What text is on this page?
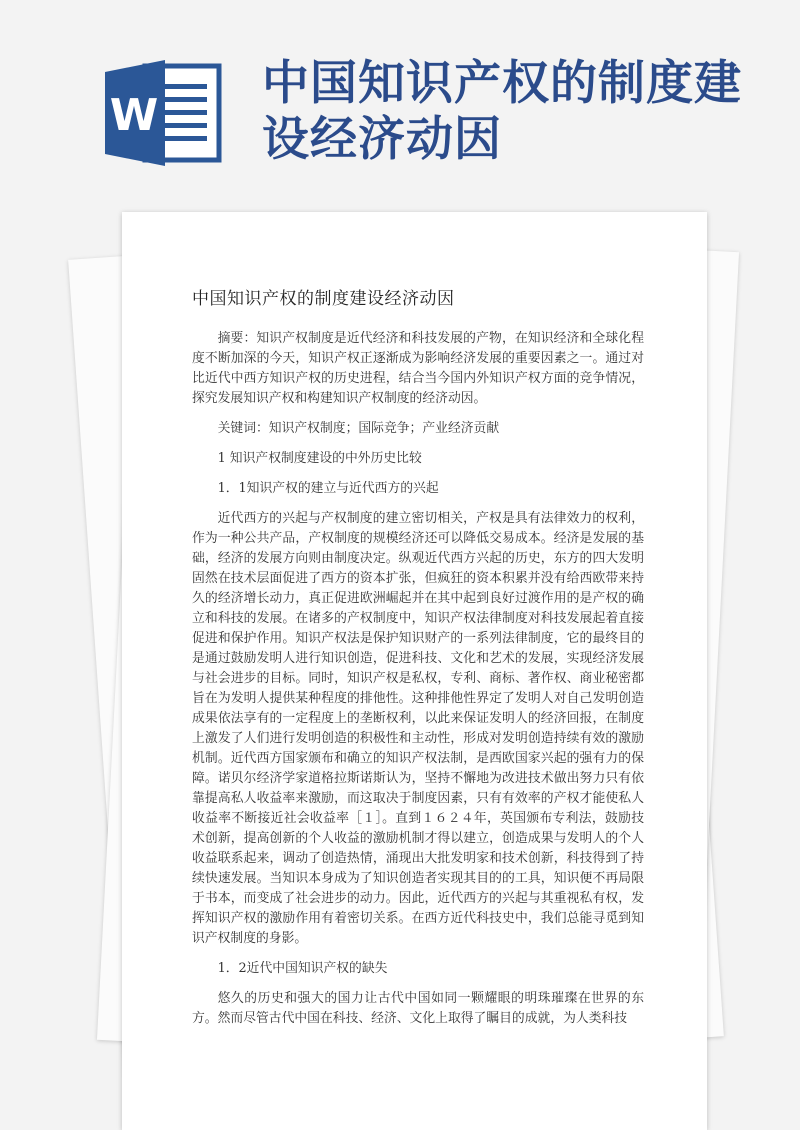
W
中国知识产权的制度建设经济动因
中国知识产权的制度建设经济动因

摘要：知识产权制度是近代经济和科技发展的产物，在知识经济和全球化程度不断加深的今天，知识产权正逐渐成为影响经济发展的重要因素之一。通过对比近代中西方知识产权的历史进程，结合当今国内外知识产权方面的竞争情况，探究发展知识产权和构建知识产权制度的经济动因。

关键词：知识产权制度；国际竞争；产业经济贡献

1 知识产权制度建设的中外历史比较

1．1知识产权的建立与近代西方的兴起

近代西方的兴起与产权制度的建立密切相关，产权是具有法律效力的权利，作为一种公共产品，产权制度的规模经济还可以降低交易成本。经济是发展的基础，经济的发展方向则由制度决定。纵观近代西方兴起的历史，东方的四大发明固然在技术层面促进了西方的资本扩张，但疯狂的资本积累并没有给西欧带来持久的经济增长动力，真正促进欧洲崛起并在其中起到良好过渡作用的是产权的确立和科技的发展。在诸多的产权制度中，知识产权法律制度对科技发展起着直接促进和保护作用。知识产权法是保护知识财产的一系列法律制度，它的最终目的是通过鼓励发明人进行知识创造，促进科技、文化和艺术的发展，实现经济发展与社会进步的目标。同时，知识产权是私权，专利、商标、著作权、商业秘密都旨在为发明人提供某种程度的排他性。这种排他性界定了发明人对自己发明创造成果依法享有的一定程度上的垄断权利，以此来保证发明人的经济回报，在制度上激发了人们进行发明创造的积极性和主动性，形成对发明创造持续有效的激励机制。近代西方国家颁布和确立的知识产权法制，是西欧国家兴起的强有力的保障。诺贝尔经济学家道格拉斯诺斯认为，坚持不懈地为改进技术做出努力只有依靠提高私人收益率来激励，而这取决于制度因素，只有有效率的产权才能使私人收益率不断接近社会收益率［１］。直到１６２４年，英国颁布专利法，鼓励技术创新，提高创新的个人收益的激励机制才得以建立，创造成果与发明人的个人收益联系起来，调动了创造热情，涌现出大批发明家和技术创新，科技得到了持续快速发展。当知识本身成为了知识创造者实现其目的的工具，知识便不再局限于书本，而变成了社会进步的动力。因此，近代西方的兴起与其重视私有权，发挥知识产权的激励作用有着密切关系。在西方近代科技史中，我们总能寻觅到知识产权制度的身影。

1．2近代中国知识产权的缺失

悠久的历史和强大的国力让古代中国如同一颗耀眼的明珠璀璨在世界的东方。然而尽管古代中国在科技、经济、文化上取得了瞩目的成就，为人类科技
